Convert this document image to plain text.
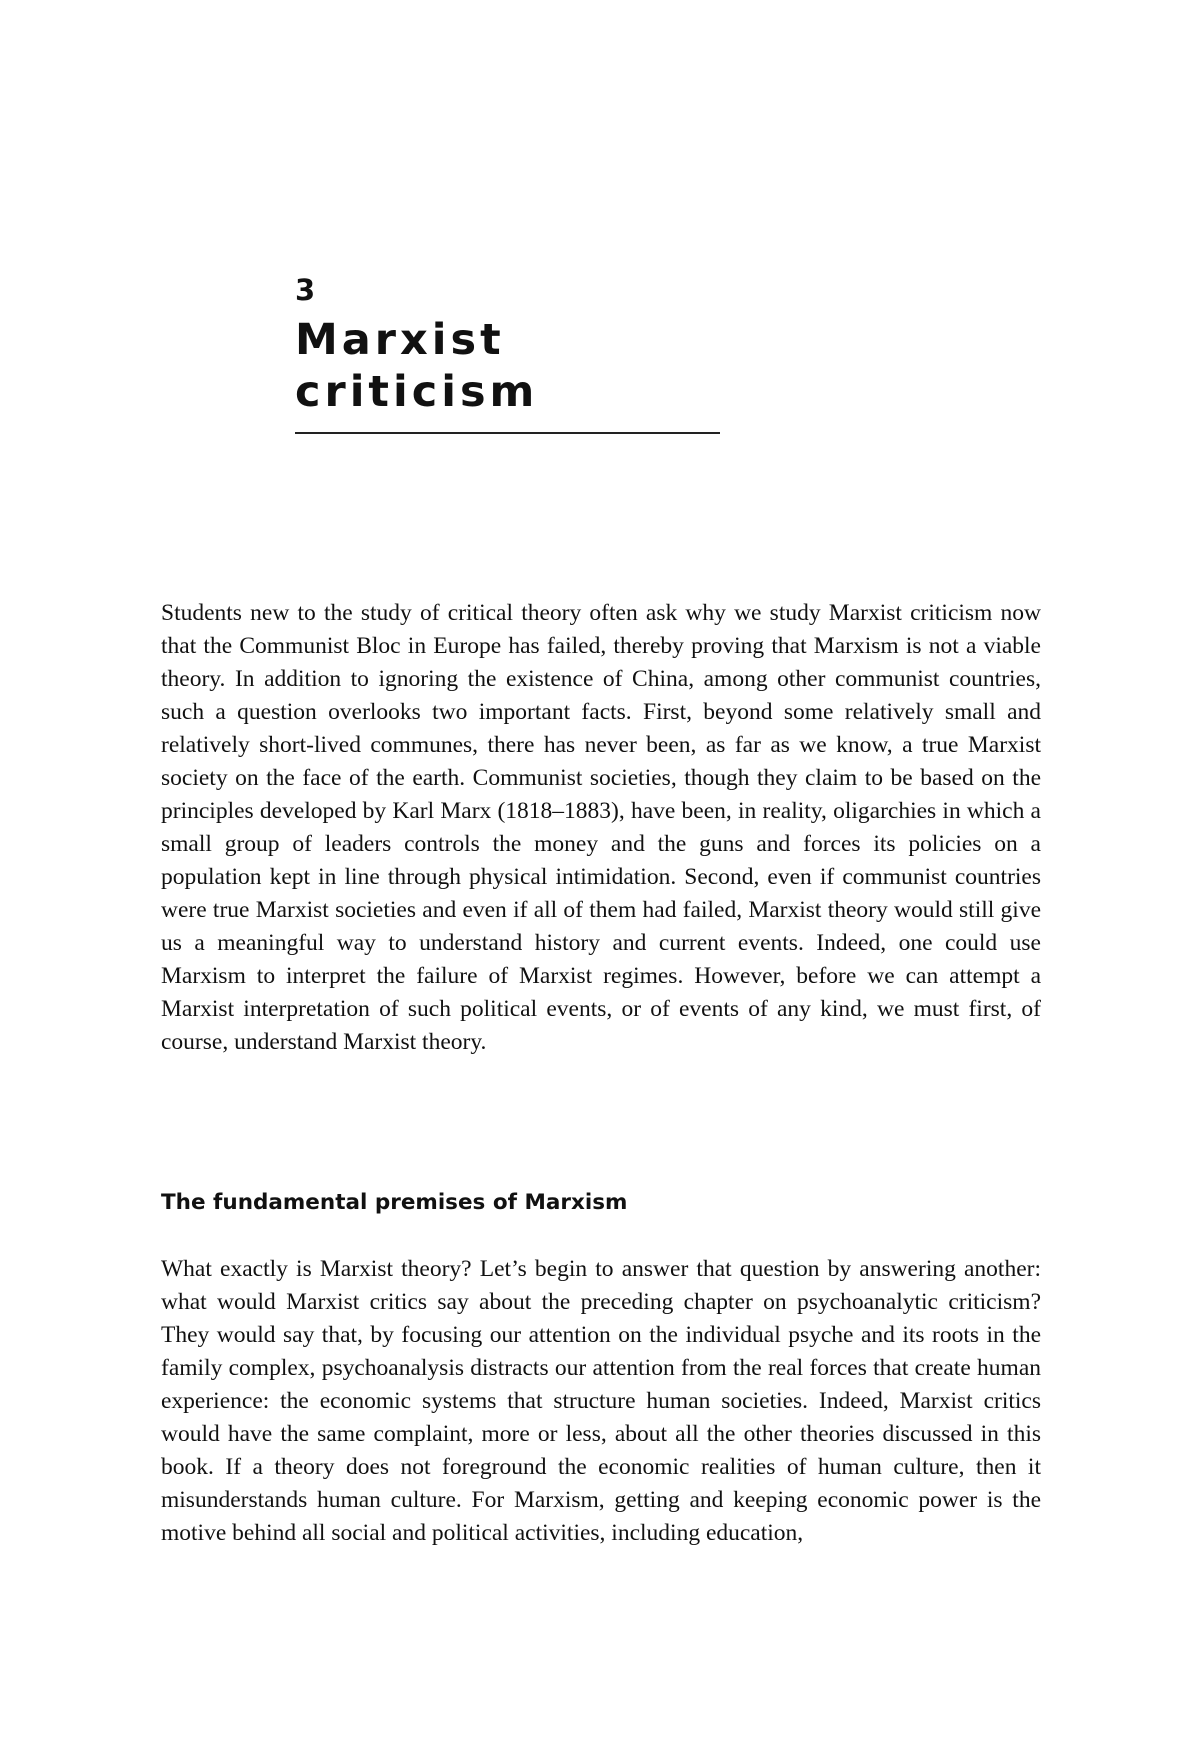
3
Marxist criticism

Students new to the study of critical theory often ask why we study Marxist criticism now that the Communist Bloc in Europe has failed, thereby proving that Marxism is not a viable theory. In addition to ignoring the existence of China, among other communist countries, such a question overlooks two important facts. First, beyond some relatively small and relatively short-lived communes, there has never been, as far as we know, a true Marxist society on the face of the earth. Communist societies, though they claim to be based on the principles developed by Karl Marx (1818–1883), have been, in reality, oligarchies in which a small group of leaders controls the money and the guns and forces its policies on a population kept in line through physical intimidation. Second, even if communist countries were true Marxist societies and even if all of them had failed, Marxist theory would still give us a meaningful way to understand history and current events. Indeed, one could use Marxism to interpret the failure of Marxist regimes. However, before we can attempt a Marxist interpretation of such political events, or of events of any kind, we must first, of course, understand Marxist theory.

The fundamental premises of Marxism

What exactly is Marxist theory? Let’s begin to answer that question by answering another: what would Marxist critics say about the preceding chapter on psychoanalytic criticism? They would say that, by focusing our attention on the individual psyche and its roots in the family complex, psychoanalysis distracts our attention from the real forces that create human experience: the economic systems that structure human societies. Indeed, Marxist critics would have the same complaint, more or less, about all the other theories discussed in this book. If a theory does not foreground the economic realities of human culture, then it misunderstands human culture. For Marxism, getting and keeping economic power is the motive behind all social and political activities, including education,
